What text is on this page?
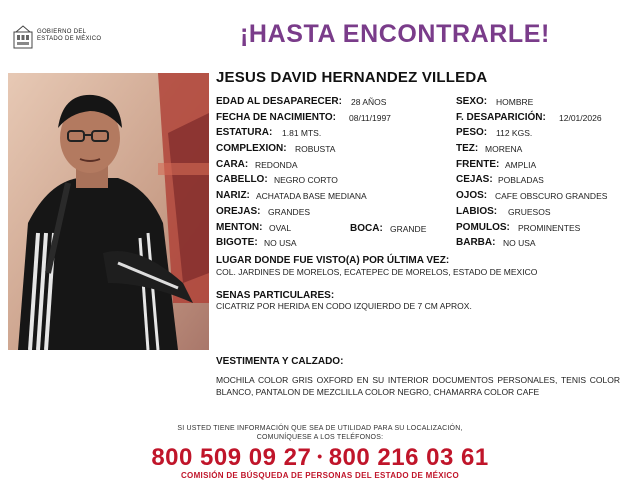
GOBIERNO DEL
ESTADO DE MÉXICO	¡HASTA ENCONTRARLE!
JESUS DAVID HERNANDEZ VILLEDA
EDAD AL DESAPARECER: 28 AÑOS
FECHA DE NACIMIENTO: 08/11/1997
ESTATURA: 1.81 MTS.
COMPLEXION: ROBUSTA
CARA: REDONDA
CABELLO: NEGRO CORTO
NARIZ: ACHATADA BASE MEDIANA
OREJAS: GRANDES
MENTON: OVAL	BOCA: GRANDE
BIGOTE: NO USA
SEXO: HOMBRE
F. DESAPARICIÓN: 12/01/2026
PESO: 112 KGS.
TEZ: MORENA
FRENTE: AMPLIA
CEJAS: POBLADAS
OJOS: CAFE OBSCURO GRANDES
LABIOS: GRUESOS
POMULOS: PROMINENTES
BARBA: NO USA
LUGAR DONDE FUE VISTO(A) POR ÚLTIMA VEZ:
COL. JARDINES DE MORELOS, ECATEPEC DE MORELOS, ESTADO DE MEXICO
SENAS PARTICULARES:
CICATRIZ POR HERIDA EN CODO IZQUIERDO DE 7 CM APROX.
VESTIMENTA Y CALZADO:
MOCHILA COLOR GRIS OXFORD EN SU INTERIOR DOCUMENTOS PERSONALES, TENIS COLOR BLANCO, PANTALON DE MEZCLILLA COLOR NEGRO, CHAMARRA COLOR CAFE
SI USTED TIENE INFORMACIÓN QUE SEA DE UTILIDAD PARA SU LOCALIZACIÓN,
COMUNÍQUESE A LOS TELÉFONOS:
800 509 09 27 • 800 216 03 61
COMISIÓN DE BÚSQUEDA DE PERSONAS DEL ESTADO DE MÉXICO
